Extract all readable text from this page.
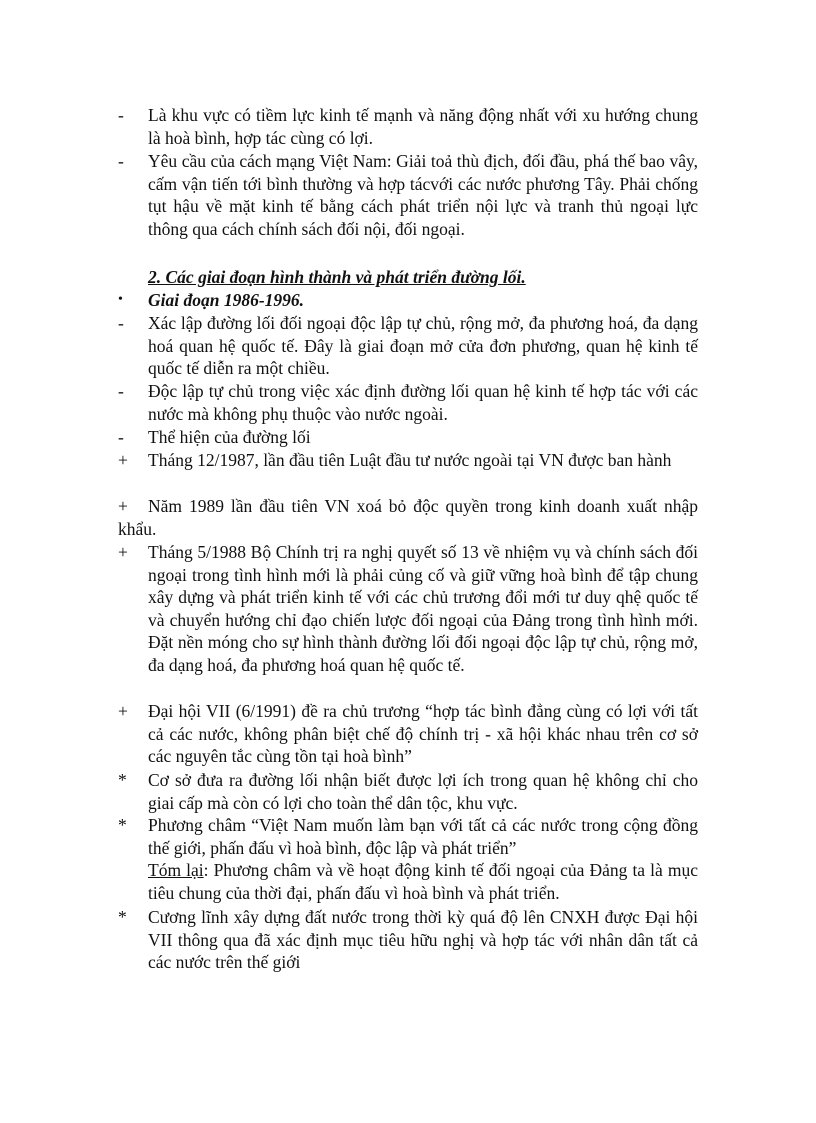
-	Là khu vực có tiềm lực kinh tế mạnh và năng động nhất với xu hướng chung là hoà bình, hợp tác cùng có lợi.
-	Yêu cầu của cách mạng Việt Nam: Giải toả thù địch, đối đầu, phá thế bao vây, cấm vận tiến tới bình thường và hợp tácvới các nước phương Tây. Phải chống tụt hậu về mặt kinh tế bằng cách phát triển nội lực và tranh thủ ngoại lực thông qua cách chính sách đối nội, đối ngoại.
2. Các giai đoạn hình thành và phát triển đường lối.
•	Giai đoạn 1986-1996.
-	Xác lập đường lối đối ngoại độc lập tự chủ, rộng mở, đa phương hoá, đa dạng hoá quan hệ quốc tế. Đây là giai đoạn mở cửa đơn phương, quan hệ kinh tế quốc tế diễn ra một chiều.
-	Độc lập tự chủ trong việc xác định đường lối quan hệ kinh tế hợp tác với các nước mà không phụ thuộc vào nước ngoài.
-	Thể hiện của đường lối
+	Tháng 12/1987, lần đầu tiên Luật đầu tư nước ngoài tại VN được ban hành
+	Năm 1989 lần đầu tiên VN xoá bỏ độc quyền trong kinh doanh xuất nhập khẩu.
+	Tháng 5/1988 Bộ Chính trị ra nghị quyết số 13 về nhiệm vụ và chính sách đối ngoại trong tình hình mới là phải củng cố và giữ vững hoà bình để tập chung xây dựng và phát triển kinh tế với các chủ trương đổi mới tư duy qhệ quốc tế và chuyển hướng chỉ đạo chiến lược đối ngoại của Đảng trong tình hình mới. Đặt nền móng cho sự hình thành đường lối đối ngoại độc lập tự chủ, rộng mở, đa dạng hoá, đa phương hoá quan hệ quốc tế.
+	Đại hội VII (6/1991) đề ra chủ trương “hợp tác bình đẳng cùng có lợi với tất cả các nước, không phân biệt chế độ chính trị - xã hội khác nhau trên cơ sở các nguyên tắc cùng tồn tại hoà bình”
*	Cơ sở đưa ra đường lối nhận biết được lợi ích trong quan hệ không chỉ cho giai cấp mà còn có lợi cho toàn thể dân tộc, khu vực.
*	Phương châm “Việt Nam muốn làm bạn với tất cả các nước trong cộng đồng thế giới, phấn đấu vì hoà bình, độc lập và phát triển”
Tóm lại: Phương châm và về hoạt động kinh tế đối ngoại của Đảng ta là mục tiêu chung của thời đại, phấn đấu vì hoà bình và phát triển.
*	Cương lĩnh xây dựng đất nước trong thời kỳ quá độ lên CNXH được Đại hội VII thông qua đã xác định mục tiêu hữu nghị và hợp tác với nhân dân tất cả các nước trên thế giới
